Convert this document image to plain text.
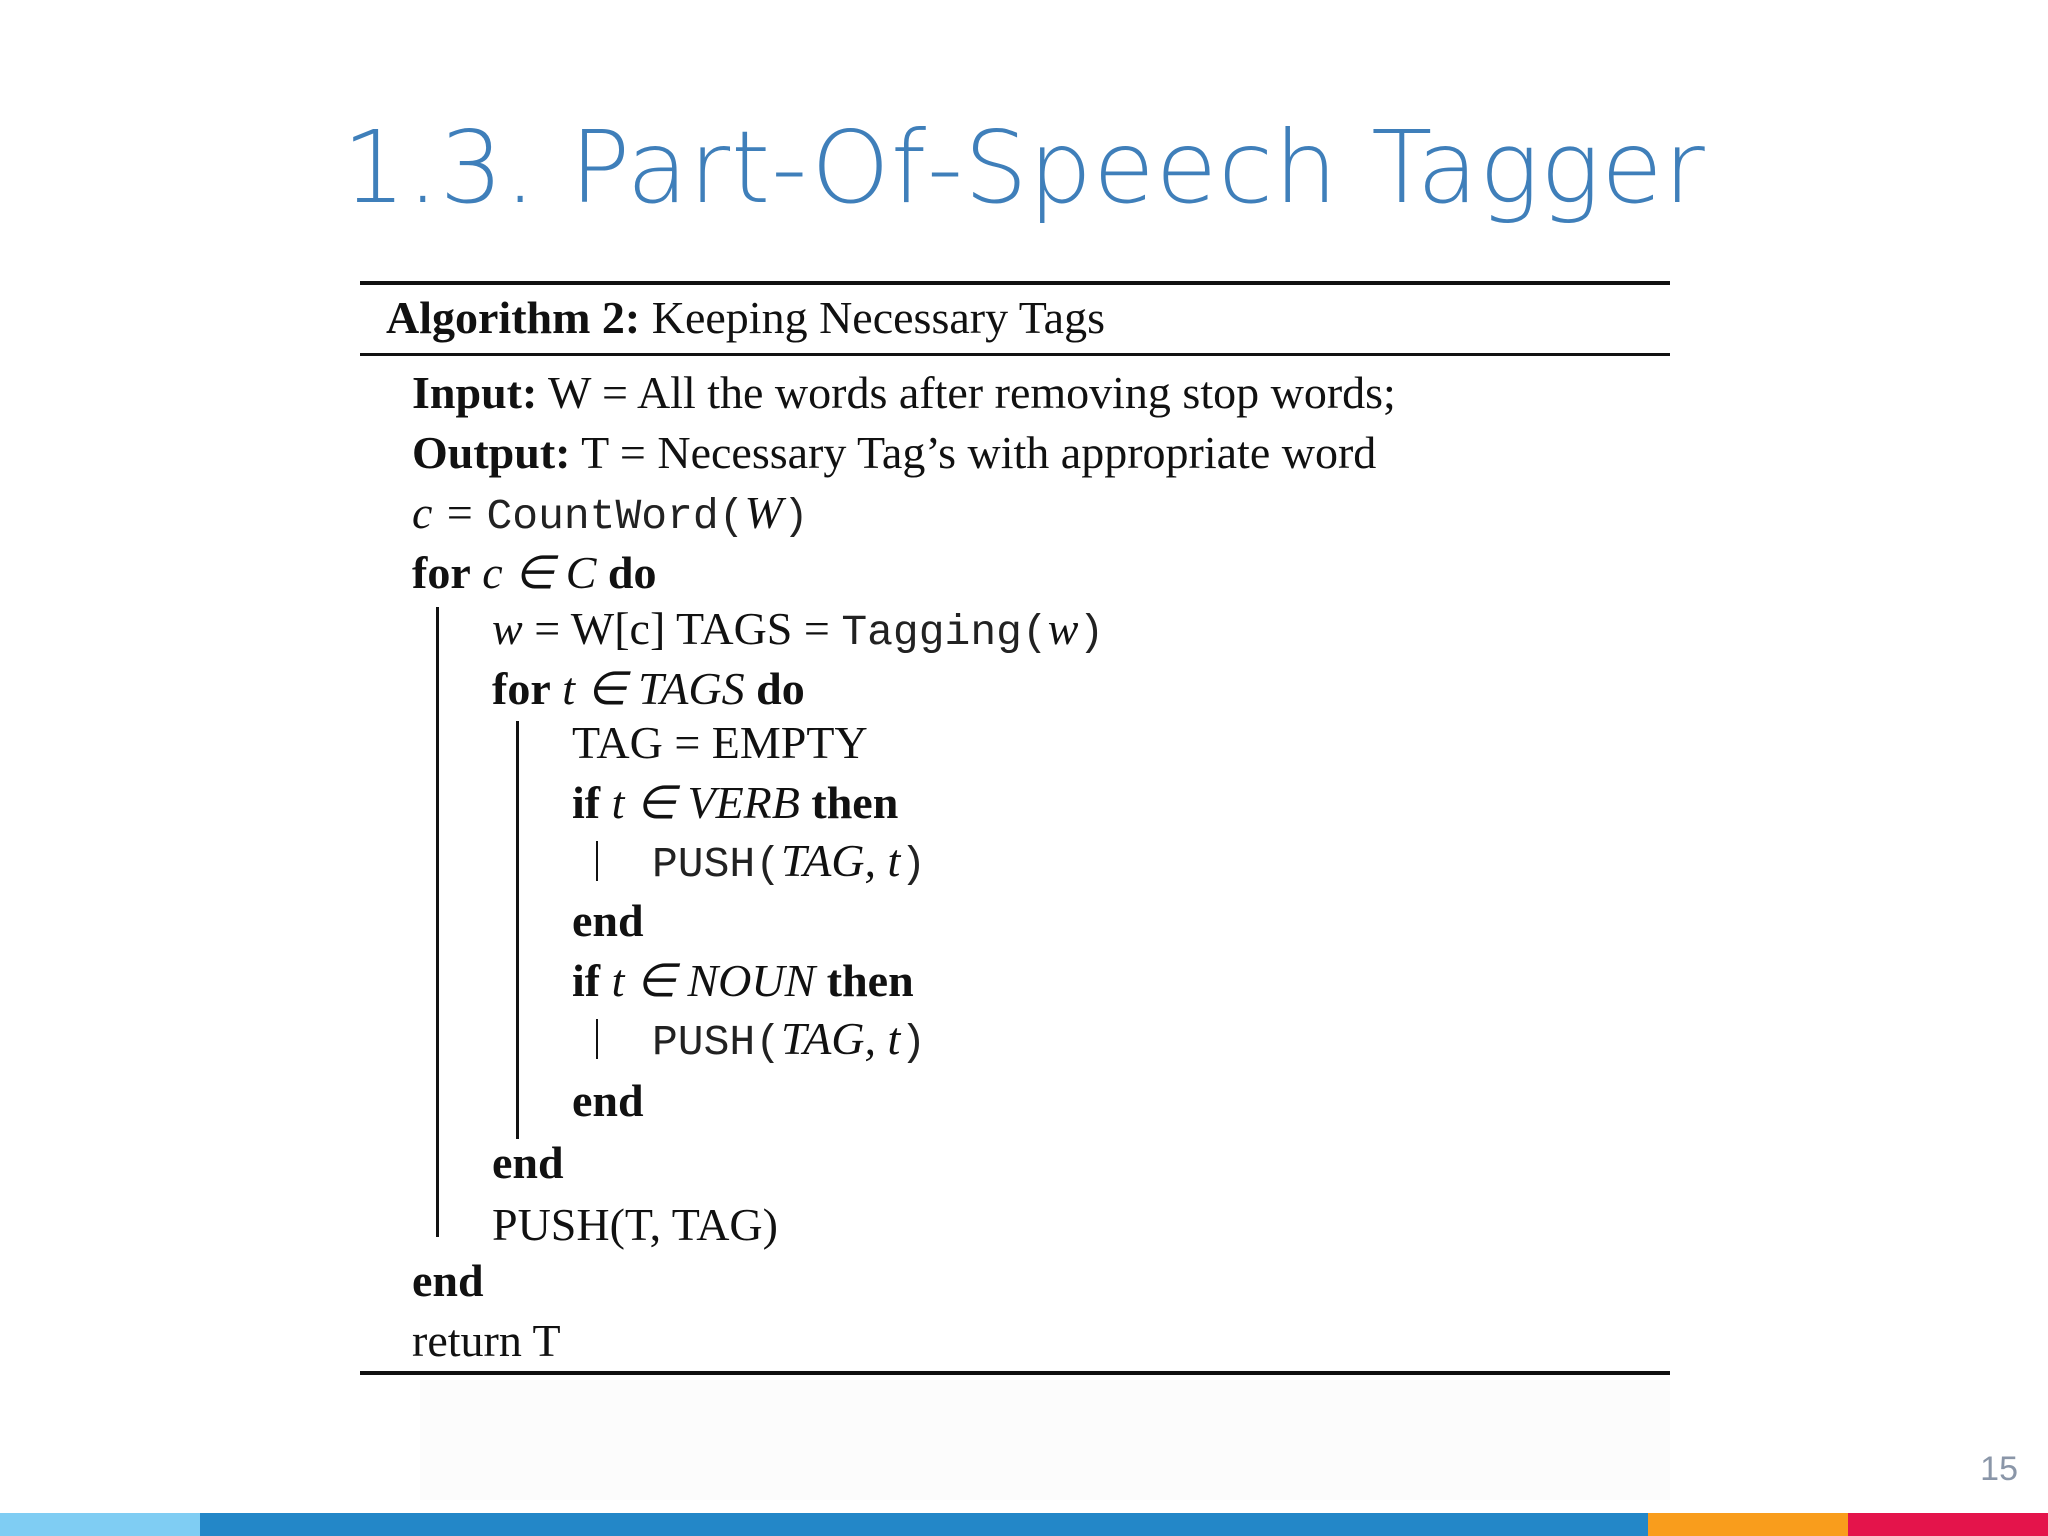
1.3. Part-Of-Speech Tagger
Algorithm 2: Keeping Necessary Tags
Input: W = All the words after removing stop words;
Output: T = Necessary Tag’s with appropriate word
c = CountWord(W)
for c ∈ C do
w = W[c] TAGS = Tagging(w)
for t ∈ TAGS do
TAG = EMPTY
if t ∈ VERB then
PUSH(TAG, t)
end
if t ∈ NOUN then
PUSH(TAG, t)
end
end
PUSH(T, TAG)
end
return T
15
